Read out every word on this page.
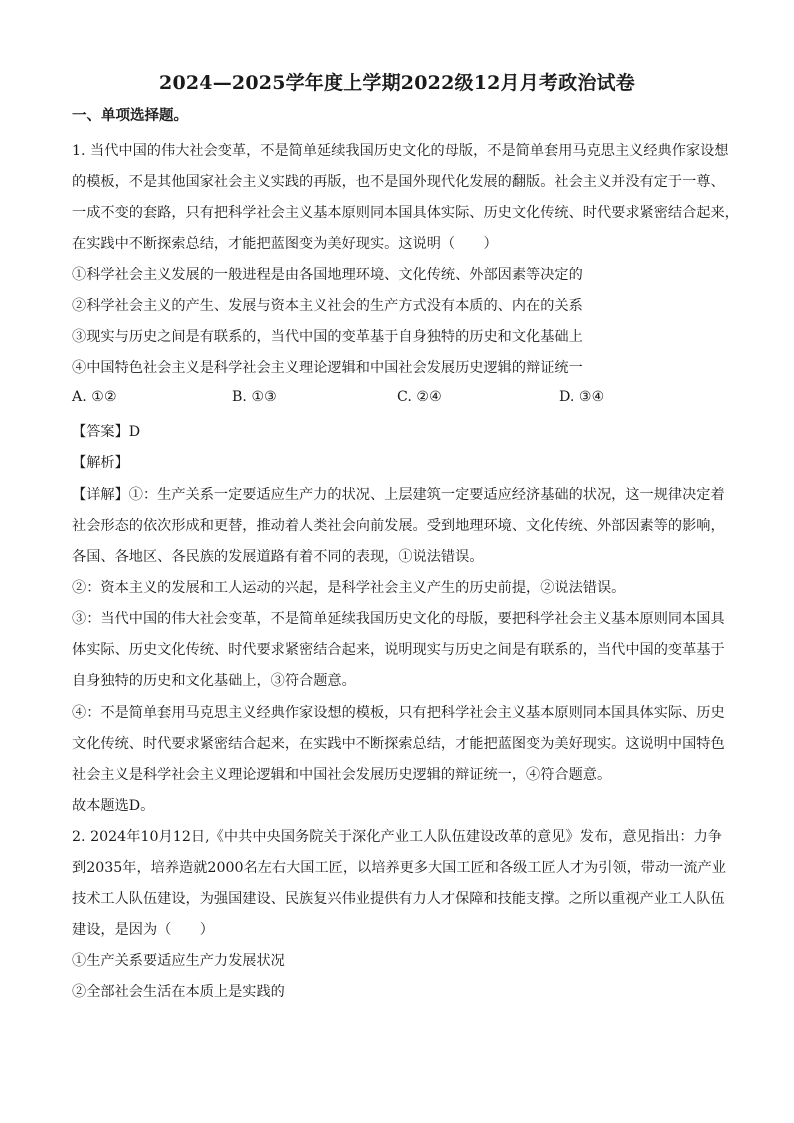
2024—2025学年度上学期2022级12月月考政治试卷
一、单项选择题。
1. 当代中国的伟大社会变革，不是简单延续我国历史文化的母版，不是简单套用马克思主义经典作家设想
的模板，不是其他国家社会主义实践的再版，也不是国外现代化发展的翻版。社会主义并没有定于一尊、
一成不变的套路，只有把科学社会主义基本原则同本国具体实际、历史文化传统、时代要求紧密结合起来，
在实践中不断探索总结，才能把蓝图变为美好现实。这说明（　　）
①科学社会主义发展的一般进程是由各国地理环境、文化传统、外部因素等决定的
②科学社会主义的产生、发展与资本主义社会的生产方式没有本质的、内在的关系
③现实与历史之间是有联系的，当代中国的变革基于自身独特的历史和文化基础上
④中国特色社会主义是科学社会主义理论逻辑和中国社会发展历史逻辑的辩证统一
A. ①②	B. ①③	C. ②④	D. ③④
【答案】D
【解析】
【详解】①：生产关系一定要适应生产力的状况、上层建筑一定要适应经济基础的状况，这一规律决定着
社会形态的依次形成和更替，推动着人类社会向前发展。受到地理环境、文化传统、外部因素等的影响，
各国、各地区、各民族的发展道路有着不同的表现，①说法错误。
②：资本主义的发展和工人运动的兴起，是科学社会主义产生的历史前提，②说法错误。
③：当代中国的伟大社会变革，不是简单延续我国历史文化的母版，要把科学社会主义基本原则同本国具
体实际、历史文化传统、时代要求紧密结合起来，说明现实与历史之间是有联系的，当代中国的变革基于
自身独特的历史和文化基础上，③符合题意。
④：不是简单套用马克思主义经典作家设想的模板，只有把科学社会主义基本原则同本国具体实际、历史
文化传统、时代要求紧密结合起来，在实践中不断探索总结，才能把蓝图变为美好现实。这说明中国特色
社会主义是科学社会主义理论逻辑和中国社会发展历史逻辑的辩证统一，④符合题意。
故本题选D。
2. 2024年10月12日,《中共中央国务院关于深化产业工人队伍建设改革的意见》发布，意见指出：力争
到2035年，培养造就2000名左右大国工匠，以培养更多大国工匠和各级工匠人才为引领，带动一流产业
技术工人队伍建设，为强国建设、民族复兴伟业提供有力人才保障和技能支撑。之所以重视产业工人队伍
建设，是因为（　　）
①生产关系要适应生产力发展状况
②全部社会生活在本质上是实践的
